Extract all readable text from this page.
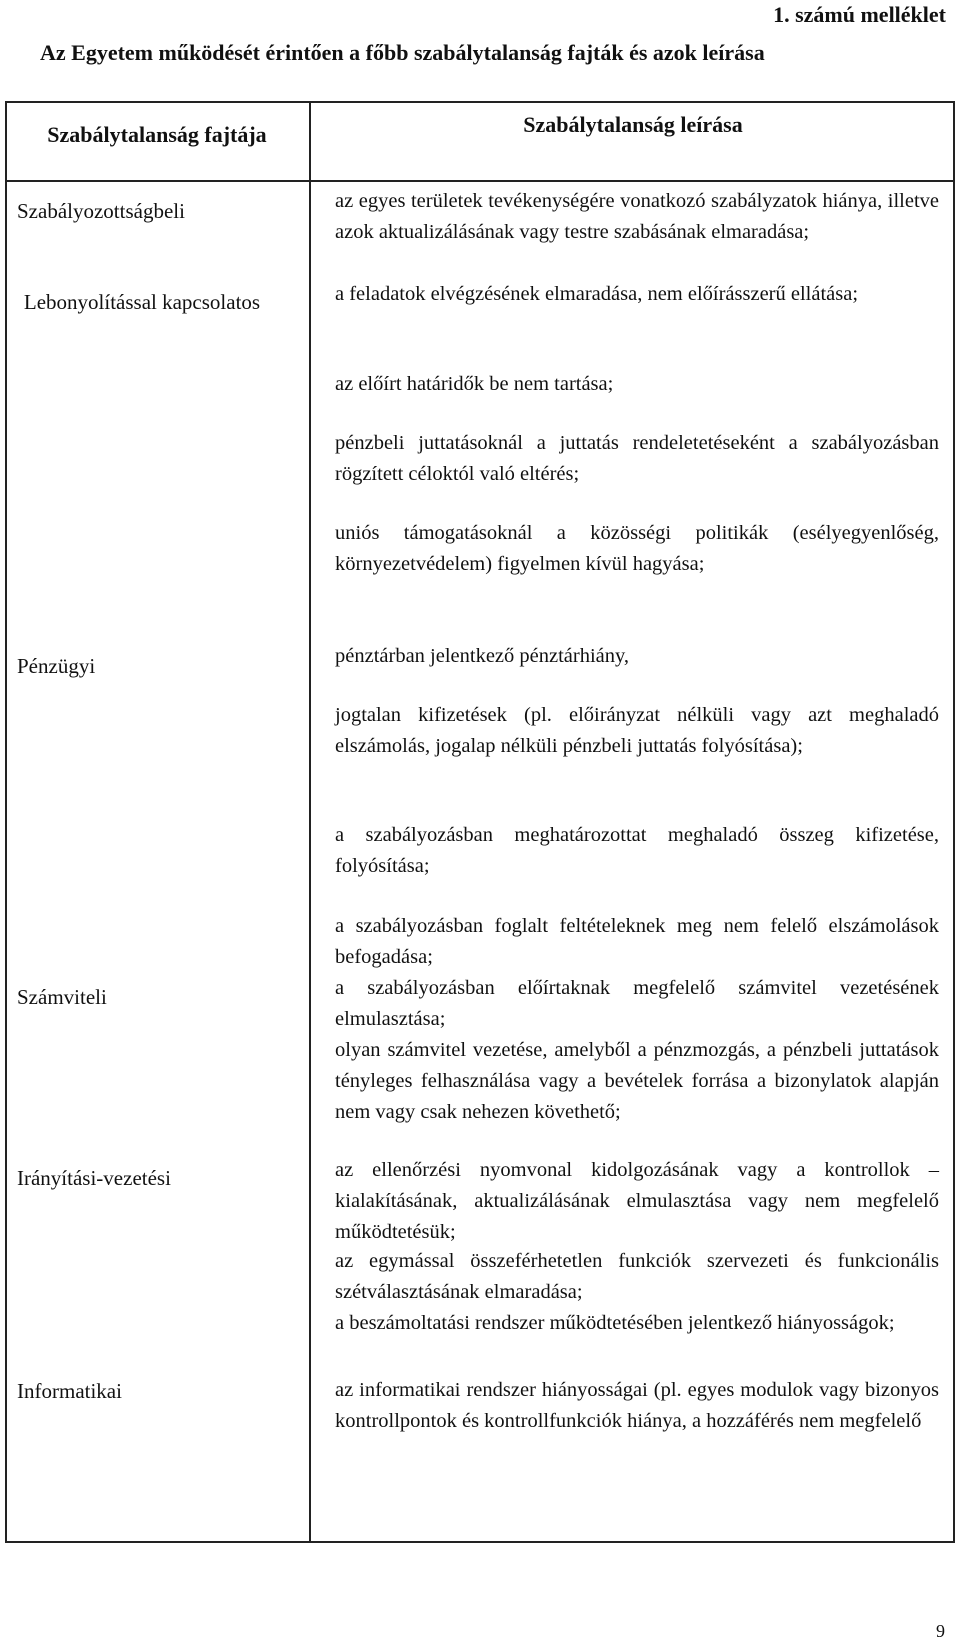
1. számú melléklet

Az Egyetem működését érintően a főbb szabálytalanság fajták és azok leírása

Szabálytalanság fajtája	Szabálytalanság leírása
Szabályozottságbeli
Lebonyolítással kapcsolatos
Pénzügyi
Számviteli
Irányítási-vezetési
Informatikai
az egyes területek tevékenységére vonatkozó szabályzatok hiánya, illetve azok aktualizálásának vagy testre szabásának elmaradása;
a feladatok elvégzésének elmaradása, nem előírásszerű ellátása;
az előírt határidők be nem tartása;
pénzbeli juttatásoknál a juttatás rendeletetéseként a szabályozásban rögzített céloktól való eltérés;
uniós támogatásoknál a közösségi politikák (esélyegyenlőség, környezetvédelem) figyelmen kívül hagyása;
pénztárban jelentkező pénztárhiány,
jogtalan kifizetések (pl. előirányzat nélküli vagy azt meghaladó elszámolás, jogalap nélküli pénzbeli juttatás folyósítása);
a szabályozásban meghatározottat meghaladó összeg kifizetése, folyósítása;
a szabályozásban foglalt feltételeknek meg nem felelő elszámolások befogadása;
a szabályozásban előírtaknak megfelelő számvitel vezetésének elmulasztása;
olyan számvitel vezetése, amelyből a pénzmozgás, a pénzbeli juttatások tényleges felhasználása vagy a bevételek forrása a bizonylatok alapján nem vagy csak nehezen követhető;
az ellenőrzési nyomvonal kidolgozásának vagy a kontrollok – kialakításának, aktualizálásának elmulasztása vagy nem megfelelő működtetésük;
az egymással összeférhetetlen funkciók szervezeti és funkcionális szétválasztásának elmaradása;
a beszámoltatási rendszer működtetésében jelentkező hiányosságok;
az informatikai rendszer hiányosságai (pl. egyes modulok vagy bizonyos kontrollpontok és kontrollfunkciók hiánya, a hozzáférés nem megfelelő
9
